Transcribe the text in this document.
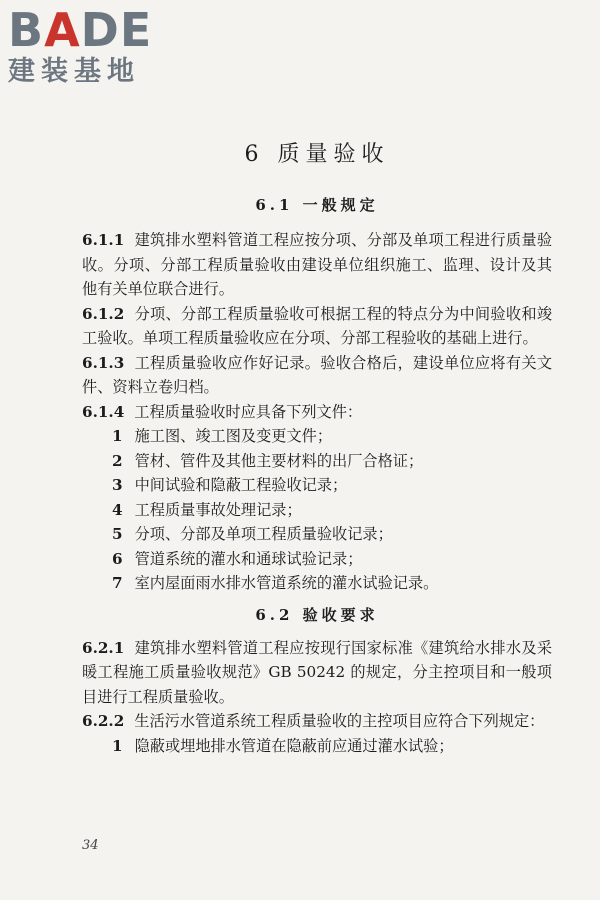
BADE
建装基地
6 质量验收
6.1 一般规定

6.1.1 建筑排水塑料管道工程应按分项、分部及单项工程进行质量验收。分项、分部工程质量验收由建设单位组织施工、监理、设计及其他有关单位联合进行。

6.1.2 分项、分部工程质量验收可根据工程的特点分为中间验收和竣工验收。单项工程质量验收应在分项、分部工程验收的基础上进行。

6.1.3 工程质量验收应作好记录。验收合格后，建设单位应将有关文件、资料立卷归档。

6.1.4 工程质量验收时应具备下列文件：

1 施工图、竣工图及变更文件；

2 管材、管件及其他主要材料的出厂合格证；

3 中间试验和隐蔽工程验收记录；

4 工程质量事故处理记录；

5 分项、分部及单项工程质量验收记录；

6 管道系统的灌水和通球试验记录；

7 室内屋面雨水排水管道系统的灌水试验记录。

6.2 验收要求

6.2.1 建筑排水塑料管道工程应按现行国家标准《建筑给水排水及采暖工程施工质量验收规范》GB 50242 的规定，分主控项目和一般项目进行工程质量验收。

6.2.2 生活污水管道系统工程质量验收的主控项目应符合下列规定：

1 隐蔽或埋地排水管道在隐蔽前应通过灌水试验；

34
